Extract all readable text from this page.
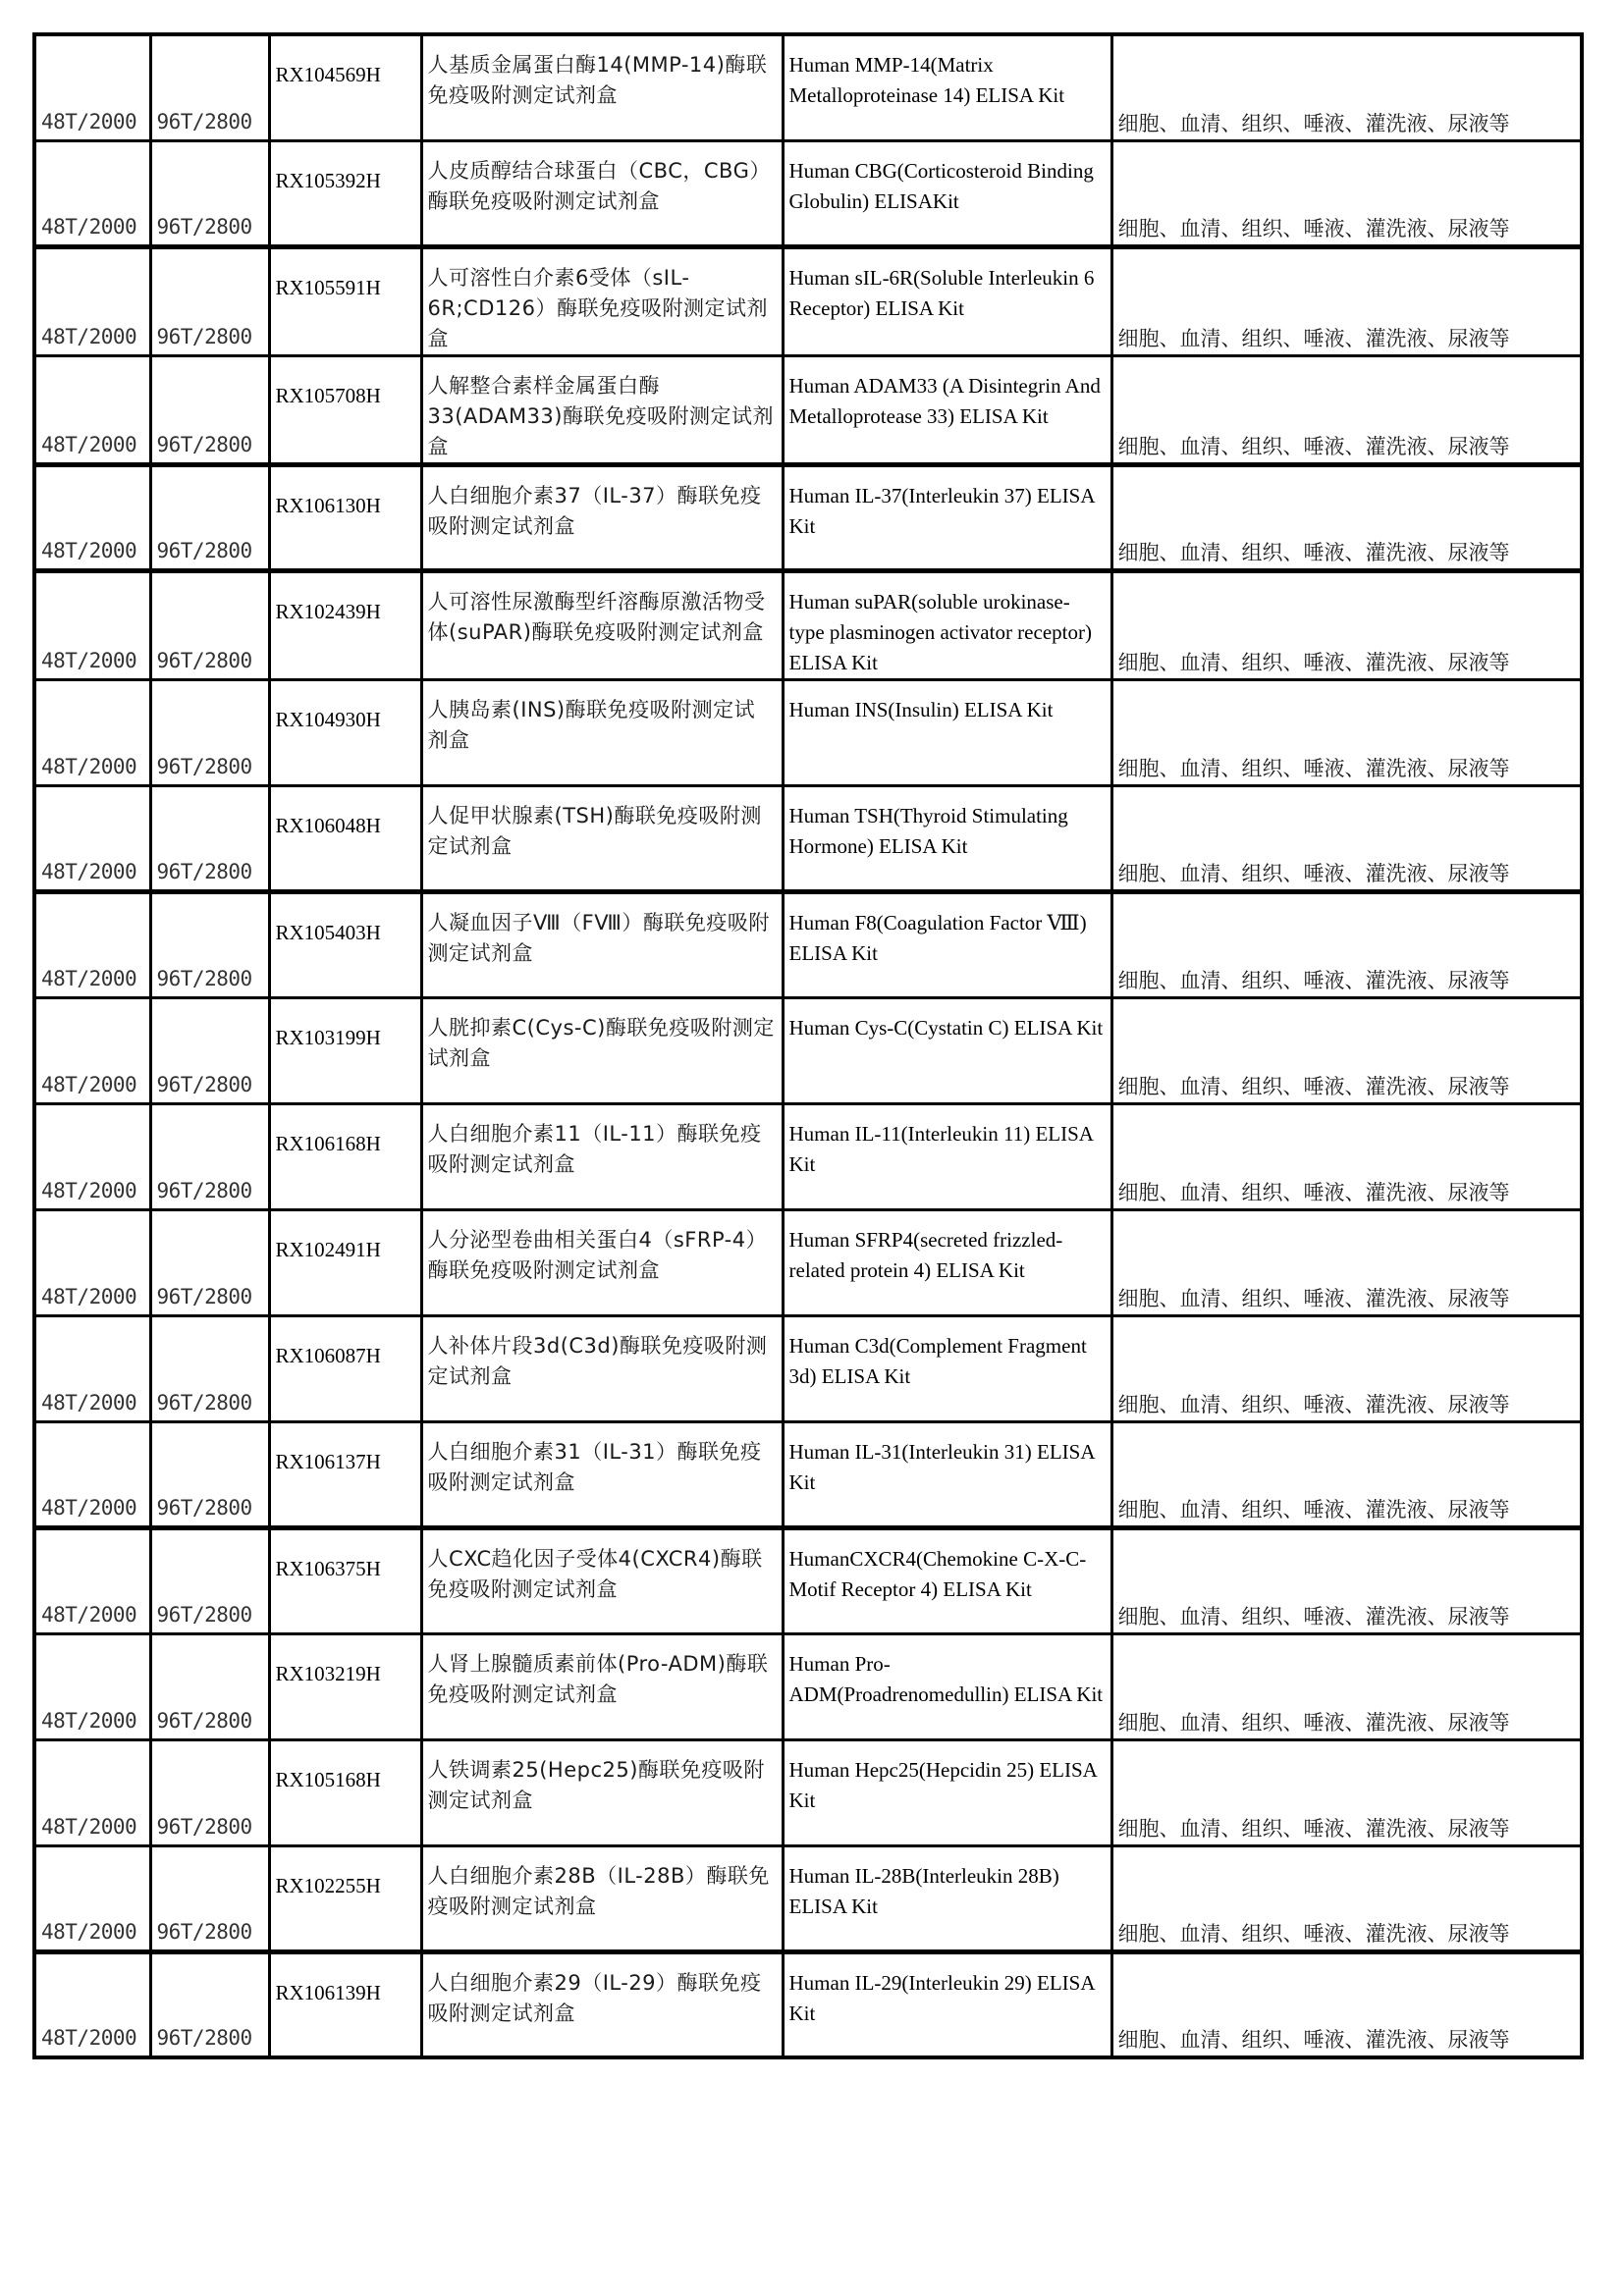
48T/2000	96T/2800	RX104569H	人基质金属蛋白酶14(MMP-14)酶联免疫吸附测定试剂盒	Human MMP-14(Matrix Metalloproteinase 14) ELISA Kit	细胞、血清、组织、唾液、灌洗液、尿液等
48T/2000	96T/2800	RX105392H	人皮质醇结合球蛋白（CBC，CBG）酶联免疫吸附测定试剂盒	Human CBG(Corticosteroid Binding Globulin) ELISAKit	细胞、血清、组织、唾液、灌洗液、尿液等
48T/2000	96T/2800	RX105591H	人可溶性白介素6受体（sIL-6R;CD126）酶联免疫吸附测定试剂盒	Human sIL-6R(Soluble Interleukin 6 Receptor) ELISA Kit	细胞、血清、组织、唾液、灌洗液、尿液等
48T/2000	96T/2800	RX105708H	人解整合素样金属蛋白酶33(ADAM33)酶联免疫吸附测定试剂盒	Human ADAM33 (A Disintegrin And Metalloprotease 33) ELISA Kit	细胞、血清、组织、唾液、灌洗液、尿液等
48T/2000	96T/2800	RX106130H	人白细胞介素37（IL-37）酶联免疫吸附测定试剂盒	Human IL-37(Interleukin 37) ELISA Kit	细胞、血清、组织、唾液、灌洗液、尿液等
48T/2000	96T/2800	RX102439H	人可溶性尿激酶型纤溶酶原激活物受体(suPAR)酶联免疫吸附测定试剂盒	Human suPAR(soluble urokinase-type plasminogen activator receptor) ELISA Kit	细胞、血清、组织、唾液、灌洗液、尿液等
48T/2000	96T/2800	RX104930H	人胰岛素(INS)酶联免疫吸附测定试剂盒	Human INS(Insulin) ELISA Kit	细胞、血清、组织、唾液、灌洗液、尿液等
48T/2000	96T/2800	RX106048H	人促甲状腺素(TSH)酶联免疫吸附测定试剂盒	Human TSH(Thyroid Stimulating Hormone) ELISA Kit	细胞、血清、组织、唾液、灌洗液、尿液等
48T/2000	96T/2800	RX105403H	人凝血因子Ⅷ（FⅧ）酶联免疫吸附测定试剂盒	Human F8(Coagulation Factor Ⅷ) ELISA Kit	细胞、血清、组织、唾液、灌洗液、尿液等
48T/2000	96T/2800	RX103199H	人胱抑素C(Cys-C)酶联免疫吸附测定试剂盒	Human Cys-C(Cystatin C) ELISA Kit	细胞、血清、组织、唾液、灌洗液、尿液等
48T/2000	96T/2800	RX106168H	人白细胞介素11（IL-11）酶联免疫吸附测定试剂盒	Human IL-11(Interleukin 11) ELISA Kit	细胞、血清、组织、唾液、灌洗液、尿液等
48T/2000	96T/2800	RX102491H	人分泌型卷曲相关蛋白4（sFRP-4）酶联免疫吸附测定试剂盒	Human SFRP4(secreted frizzled-related protein 4) ELISA Kit	细胞、血清、组织、唾液、灌洗液、尿液等
48T/2000	96T/2800	RX106087H	人补体片段3d(C3d)酶联免疫吸附测定试剂盒	Human C3d(Complement Fragment 3d) ELISA Kit	细胞、血清、组织、唾液、灌洗液、尿液等
48T/2000	96T/2800	RX106137H	人白细胞介素31（IL-31）酶联免疫吸附测定试剂盒	Human IL-31(Interleukin 31) ELISA Kit	细胞、血清、组织、唾液、灌洗液、尿液等
48T/2000	96T/2800	RX106375H	人CXC趋化因子受体4(CXCR4)酶联免疫吸附测定试剂盒	HumanCXCR4(Chemokine C-X-C-Motif Receptor 4) ELISA Kit	细胞、血清、组织、唾液、灌洗液、尿液等
48T/2000	96T/2800	RX103219H	人肾上腺髓质素前体(Pro-ADM)酶联免疫吸附测定试剂盒	Human Pro-ADM(Proadrenomedullin) ELISA Kit	细胞、血清、组织、唾液、灌洗液、尿液等
48T/2000	96T/2800	RX105168H	人铁调素25(Hepc25)酶联免疫吸附测定试剂盒	Human Hepc25(Hepcidin 25) ELISA Kit	细胞、血清、组织、唾液、灌洗液、尿液等
48T/2000	96T/2800	RX102255H	人白细胞介素28B（IL-28B）酶联免疫吸附测定试剂盒	Human IL-28B(Interleukin 28B) ELISA Kit	细胞、血清、组织、唾液、灌洗液、尿液等
48T/2000	96T/2800	RX106139H	人白细胞介素29（IL-29）酶联免疫吸附测定试剂盒	Human IL-29(Interleukin 29) ELISA Kit	细胞、血清、组织、唾液、灌洗液、尿液等
